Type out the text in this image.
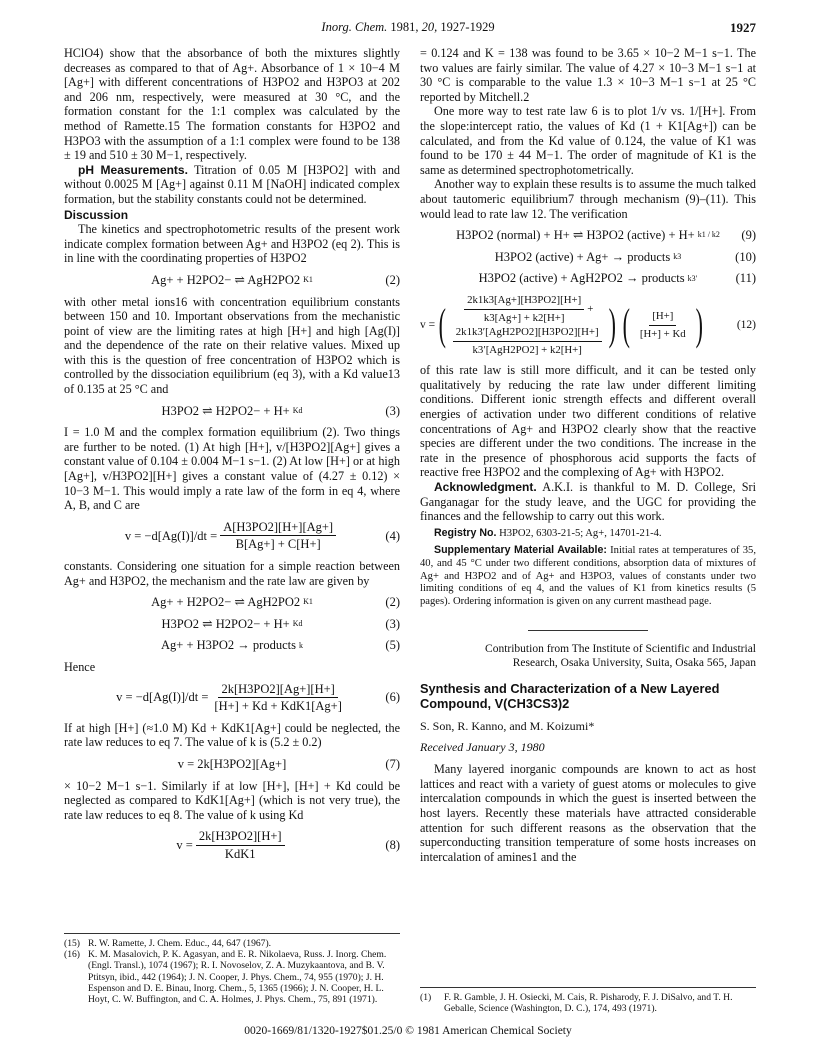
Inorg. Chem. 1981, 20, 1927-1929	1927

HClO4) show that the absorbance of both the mixtures slightly decreases as compared to that of Ag+. Absorbance of 1 × 10−4 M [Ag+] with different concentrations of H3PO2 and H3PO3 at 202 and 206 nm, respectively, were measured at 30 °C, and the formation constant for the 1:1 complex was calculated by the method of Ramette.15 The formation constants for H3PO2 and H3PO3 with the assumption of a 1:1 complex were found to be 138 ± 19 and 510 ± 30 M−1, respectively.

pH Measurements. Titration of 0.05 M [H3PO2] with and without 0.0025 M [Ag+] against 0.11 M [NaOH] indicated complex formation, but the stability constants could not be determined.

Discussion

The kinetics and spectrophotometric results of the present work indicate complex formation between Ag+ and H3PO2 (eq 2). This is in line with the coordinating properties of H3PO2

Ag+ + H2PO2− ⇌ AgH2PO2 K1	(2)

with other metal ions16 with concentration equilibrium constants between 150 and 10. Important observations from the mechanistic point of view are the limiting rates at high [H+] and high [Ag(I)] and the dependence of the rate on their relative values. Mixed up with this is the question of free concentration of H3PO2 which is controlled by the dissociation equilibrium (eq 3), with a Kd value13 of 0.135 at 25 °C and

H3PO2 ⇌ H2PO2− + H+ Kd	(3)

I = 1.0 M and the complex formation equilibrium (2). Two things are further to be noted. (1) At high [H+], v/[H3PO2][Ag+] gives a constant value of 0.104 ± 0.004 M−1 s−1. (2) At low [H+] or at high [Ag+], v/H3PO2][H+] gives a constant value of (4.27 ± 0.12) × 10−3 M−1. This would imply a rate law of the form in eq 4, where A, B, and C are

$v = -d[Ag(I)]/dt = \frac{A[H3PO2][H+][Ag+]}{B[Ag+] + C[H+]}$	(4)

constants. Considering one situation for a simple reaction between Ag+ and H3PO2, the mechanism and the rate law are given by

Ag+ + H2PO2− ⇌ AgH2PO2 K1	(2)
H3PO2 ⇌ H2PO2− + H+ Kd	(3)
Ag+ + H3PO2 → products k	(5)

Hence

$v = -d[Ag(I)]/dt = \frac{2k[H3PO2][Ag+][H+]}{\text{[H+] + Kd + KdK1[Ag+]}}$	(6)

If at high [H+] (≈1.0 M) Kd + KdK1[Ag+] could be neglected, the rate law reduces to eq 7. The value of k is (5.2 ± 0.2)

v = 2k[H3PO2][Ag+]	(7)

× 10−2 M−1 s−1. Similarly if at low [H+], [H+] + Kd could be neglected as compared to KdK1[Ag+] (which is not very true), the rate law reduces to eq 8. The value of k using Kd

$v = \frac{2k[H3PO2][H+]}{\text{KdK1}}$	(8)
(15) R. W. Ramette, J. Chem. Educ., 44, 647 (1967).
(16) K. M. Masalovich, P. K. Agasyan, and E. R. Nikolaeva, Russ. J. Inorg. Chem. (Engl. Transl.), 1074 (1967); R. I. Novoselov, Z. A. Muzykaantova, and B. V. Ptitsyn, ibid., 442 (1964); J. N. Cooper, J. Phys. Chem., 74, 955 (1970); J. H. Espenson and D. E. Binau, Inorg. Chem., 5, 1365 (1966); J. N. Cooper, H. L. Hoyt, C. W. Buffington, and C. A. Holmes, J. Phys. Chem., 75, 891 (1971).

= 0.124 and K = 138 was found to be 3.65 × 10−2 M−1 s−1. The two values are fairly similar. The value of 4.27 × 10−3 M−1 s−1 at 30 °C is comparable to the value 1.3 × 10−3 M−1 s−1 at 25 °C reported by Mitchell.2

One more way to test rate law 6 is to plot 1/v vs. 1/[H+]. From the slope:intercept ratio, the values of Kd (1 + K1[Ag+]) can be calculated, and from the Kd value of 0.124, the value of K1 was found to be 170 ± 44 M−1. The order of magnitude of K1 is the same as determined spectrophotometrically.

Another way to explain these results is to assume the much talked about tautomeric equilibrium7 through mechanism (9)–(11). This would lead to rate law 12. The verification

H3PO2 (normal) + H+ ⇌ H3PO2 (active) + H+ k1 / k2 (9)
H3PO2 (active) + Ag+ → products k3	(10)
H3PO2 (active) + AgH2PO2 → products k3′	(11)
v = ( $\frac{2k1k3[Ag+][H3PO2][H+]}{k3[Ag+] + k2[H+]}$ +
$\frac{\text{2k1k3′[AgH2PO2][H3PO2][H+]}}{\text{k3′[AgH2PO2] + k2[H+]}}$ ) ( $\frac{[H+]}{[H+] + Kd}$ )	(12)

of this rate law is still more difficult, and it can be tested only qualitatively by reducing the rate law under different limiting conditions. Different ionic strength effects and different overall energies of activation under two different conditions of relative concentrations of Ag+ and H3PO2 clearly show that the reactive species are different under the two conditions. The increase in the rate in the presence of phosphorous acid supports the facts of reactive free H3PO2 and the complexing of Ag+ with H3PO2.

Acknowledgment. A.K.I. is thankful to M. D. College, Sri Ganganagar for the study leave, and the UGC for providing the finances and the fellowship to carry out this work.

Registry No. H3PO2, 6303-21-5; Ag+, 14701-21-4.

Supplementary Material Available: Initial rates at temperatures of 35, 40, and 45 °C under two different conditions, absorption data of mixtures of Ag+ and H3PO2 and of Ag+ and H3PO3, values of constants under two limiting conditions of eq 4, and the values of K1 from kinetics results (5 pages). Ordering information is given on any current masthead page.

Contribution from The Institute of Scientific and Industrial
Research, Osaka University, Suita, Osaka 565, Japan
Synthesis and Characterization of a New Layered Compound, V(CH3CS3)2
S. Son, R. Kanno, and M. Koizumi*
Received January 3, 1980

Many layered inorganic compounds are known to act as host lattices and react with a variety of guest atoms or molecules to give intercalation compounds in which the guest is inserted between the host layers. Recently these materials have attracted considerable attention for such different reasons as the observation that the superconducting transition temperature of some hosts increases on intercalation of amines1 and the

(1)	F. R. Gamble, J. H. Osiecki, M. Cais, R. Pisharody, F. J. DiSalvo, and T. H. Geballe, Science (Washington, D. C.), 174, 493 (1971).
0020-1669/81/1320-1927$01.25/0 © 1981 American Chemical Society
